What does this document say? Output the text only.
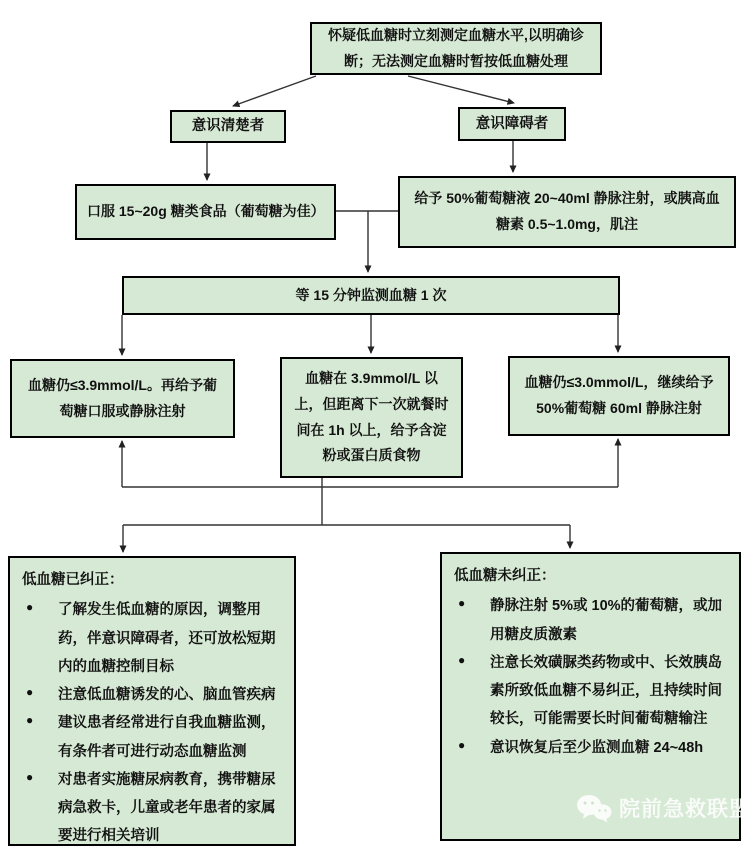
怀疑低血糖时立刻测定血糖水平,以明确诊断；无法测定血糖时暂按低血糖处理
意识清楚者	意识障碍者
口服 15~20g 糖类食品（葡萄糖为佳）
给予 50%葡萄糖液 20~40ml 静脉注射，或胰高血糖素 0.5~1.0mg，肌注
等 15 分钟监测血糖 1 次
血糖仍≤3.9mmol/L。再给予葡萄糖口服或静脉注射
血糖在 3.9mmol/L 以上，但距离下一次就餐时间在 1h 以上，给予含淀粉或蛋白质食物
血糖仍≤3.0mmol/L，继续给予 50%葡萄糖 60ml 静脉注射
低血糖已纠正：
● 了解发生低血糖的原因，调整用药，伴意识障碍者，还可放松短期内的血糖控制目标
● 注意低血糖诱发的心、脑血管疾病
● 建议患者经常进行自我血糖监测，有条件者可进行动态血糖监测
● 对患者实施糖尿病教育，携带糖尿病急救卡，儿童或老年患者的家属要进行相关培训
低血糖未纠正：
● 静脉注射 5%或 10%的葡萄糖，或加用糖皮质激素
● 注意长效磺脲类药物或中、长效胰岛素所致低血糖不易纠正，且持续时间较长，可能需要长时间葡萄糖输注
● 意识恢复后至少监测血糖 24~48h
院前急救联盟
